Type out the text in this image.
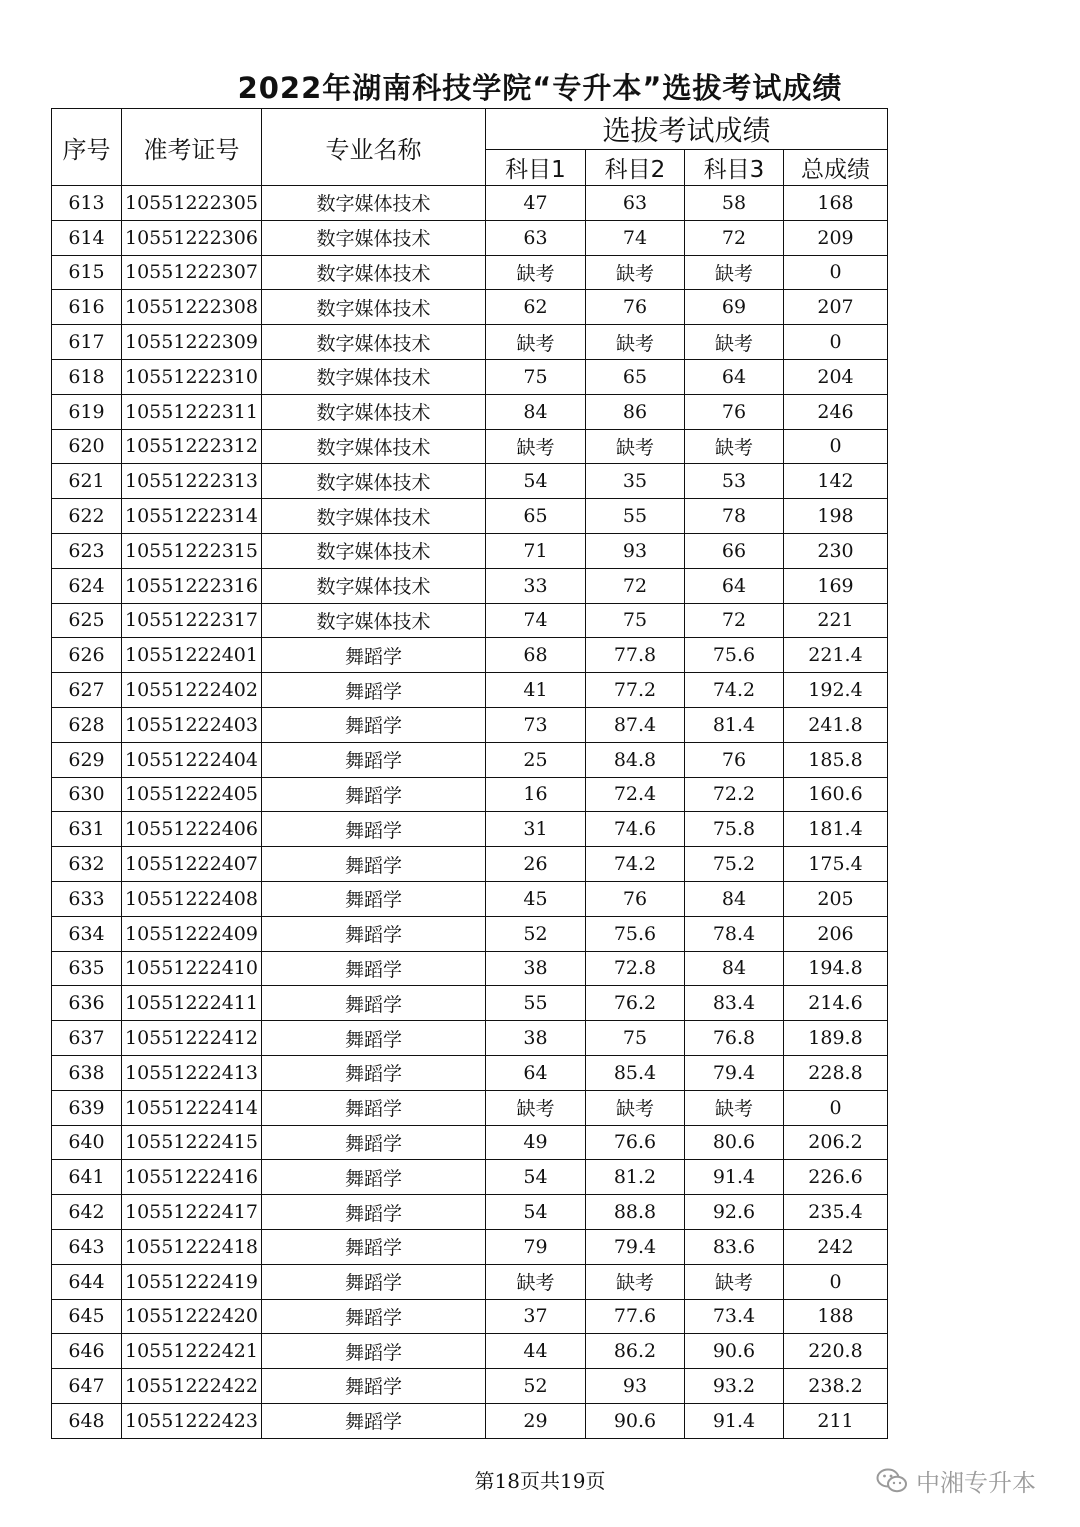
2022年湖南科技学院“专升本”选拔考试成绩
序号	准考证号	专业名称	选拔考试成绩			
			科目1	科目2	科目3	总成绩
613	10551222305	数字媒体技术	47	63	58	168
614	10551222306	数字媒体技术	63	74	72	209
615	10551222307	数字媒体技术	缺考	缺考	缺考	0
616	10551222308	数字媒体技术	62	76	69	207
617	10551222309	数字媒体技术	缺考	缺考	缺考	0
618	10551222310	数字媒体技术	75	65	64	204
619	10551222311	数字媒体技术	84	86	76	246
620	10551222312	数字媒体技术	缺考	缺考	缺考	0
621	10551222313	数字媒体技术	54	35	53	142
622	10551222314	数字媒体技术	65	55	78	198
623	10551222315	数字媒体技术	71	93	66	230
624	10551222316	数字媒体技术	33	72	64	169
625	10551222317	数字媒体技术	74	75	72	221
626	10551222401	舞蹈学	68	77.8	75.6	221.4
627	10551222402	舞蹈学	41	77.2	74.2	192.4
628	10551222403	舞蹈学	73	87.4	81.4	241.8
629	10551222404	舞蹈学	25	84.8	76	185.8
630	10551222405	舞蹈学	16	72.4	72.2	160.6
631	10551222406	舞蹈学	31	74.6	75.8	181.4
632	10551222407	舞蹈学	26	74.2	75.2	175.4
633	10551222408	舞蹈学	45	76	84	205
634	10551222409	舞蹈学	52	75.6	78.4	206
635	10551222410	舞蹈学	38	72.8	84	194.8
636	10551222411	舞蹈学	55	76.2	83.4	214.6
637	10551222412	舞蹈学	38	75	76.8	189.8
638	10551222413	舞蹈学	64	85.4	79.4	228.8
639	10551222414	舞蹈学	缺考	缺考	缺考	0
640	10551222415	舞蹈学	49	76.6	80.6	206.2
641	10551222416	舞蹈学	54	81.2	91.4	226.6
642	10551222417	舞蹈学	54	88.8	92.6	235.4
643	10551222418	舞蹈学	79	79.4	83.6	242
644	10551222419	舞蹈学	缺考	缺考	缺考	0
645	10551222420	舞蹈学	37	77.6	73.4	188
646	10551222421	舞蹈学	44	86.2	90.6	220.8
647	10551222422	舞蹈学	52	93	93.2	238.2
648	10551222423	舞蹈学	29	90.6	91.4	211
第18页共19页	中湘专升本
